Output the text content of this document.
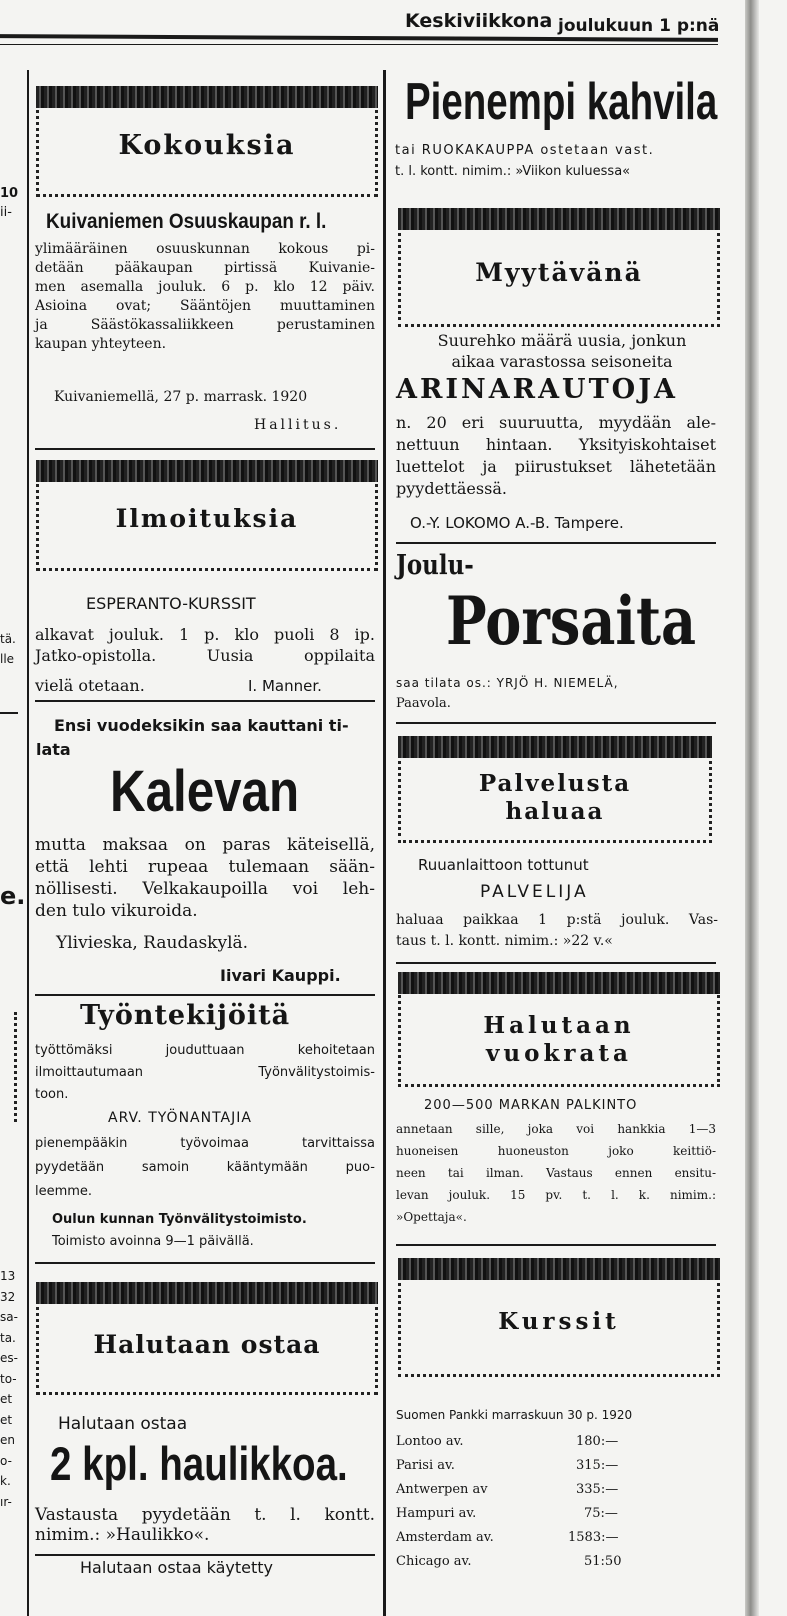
Keskiviikkona joulukuun 1 p:nä
10
ii-
tä.
lle
e.
13
32
sa-
ta.
es-
to-
et
et
en
o-
k.
ır-
Kokouksia
Kuivaniemen Osuuskaupan r. l.
ylimääräinen osuuskunnan kokous pi-
detään pääkaupan pirtissä Kuivanie-
men asemalla jouluk. 6 p. klo 12 päiv.
Asioina ovat; Sääntöjen muuttaminen
ja Säästökassaliikkeen perustaminen
kaupan yhteyteen.
Kuivaniemellä, 27 p. marrask. 1920
Hallitus.
Ilmoituksia
ESPERANTO-KURSSIT
alkavat jouluk. 1 p. klo puoli 8 ip.
Jatko-opistolla. Uusia oppilaita
vielä otetaan.	I. Manner.
Ensi vuodeksikin saa kauttani ti-
lata
Kalevan
mutta maksaa on paras käteisellä,
että lehti rupeaa tulemaan sään-
nöllisesti. Velkakaupoilla voi leh-
den tulo vikuroida.
Ylivieska, Raudaskylä.
Iivari Kauppi.
Työntekijöitä
työttömäksi jouduttuaan kehoitetaan
ilmoittautumaan Työnvälitystoimis-
toon.
ARV. TYÖNANTAJIA
pienempääkin työvoimaa tarvittaissa
pyydetään samoin kääntymään puo-
leemme.
Oulun kunnan Työnvälitystoimisto.
Toimisto avoinna 9—1 päivällä.
Halutaan ostaa
Halutaan ostaa
2 kpl. haulikkoa.
Vastausta pyydetään t. l. kontt.
nimim.: »Haulikko«.
Halutaan ostaa käytetty
Pienempi kahvila
tai RUOKAKAUPPA ostetaan vast.
t. l. kontt. nimim.: »Viikon kuluessa«
Myytävänä
Suurehko määrä uusia, jonkun
aikaa varastossa seisoneita
ARINARAUTOJA
n. 20 eri suuruutta, myydään ale-
nettuun hintaan. Yksityiskohtaiset
luettelot ja piirustukset lähetetään
pyydettäessä.
O.-Y. LOKOMO A.-B. Tampere.
Joulu-
Porsaita
saa tilata os.: YRJÖ H. NIEMELÄ,
Paavola.
Palvelusta
haluaa
Ruuanlaittoon tottunut
PALVELIJA
haluaa paikkaa 1 p:stä jouluk. Vas-
taus t. l. kontt. nimim.: »22 v.«
Halutaan
vuokrata
200—500 MARKAN PALKINTO
annetaan sille, joka voi hankkia 1—3
huoneisen huoneuston joko keittiö-
neen tai ilman. Vastaus ennen ensitu-
levan jouluk. 15 pv. t. l. k. nimim.:
»Opettaja«.
Kurssit
Suomen Pankki marraskuun 30 p. 1920
Lontoo av.	180:—
Parisi av.	315:—
Antwerpen av	335:—
Hampuri av.	75:—
Amsterdam av.	1583:—
Chicago av.	51:50
